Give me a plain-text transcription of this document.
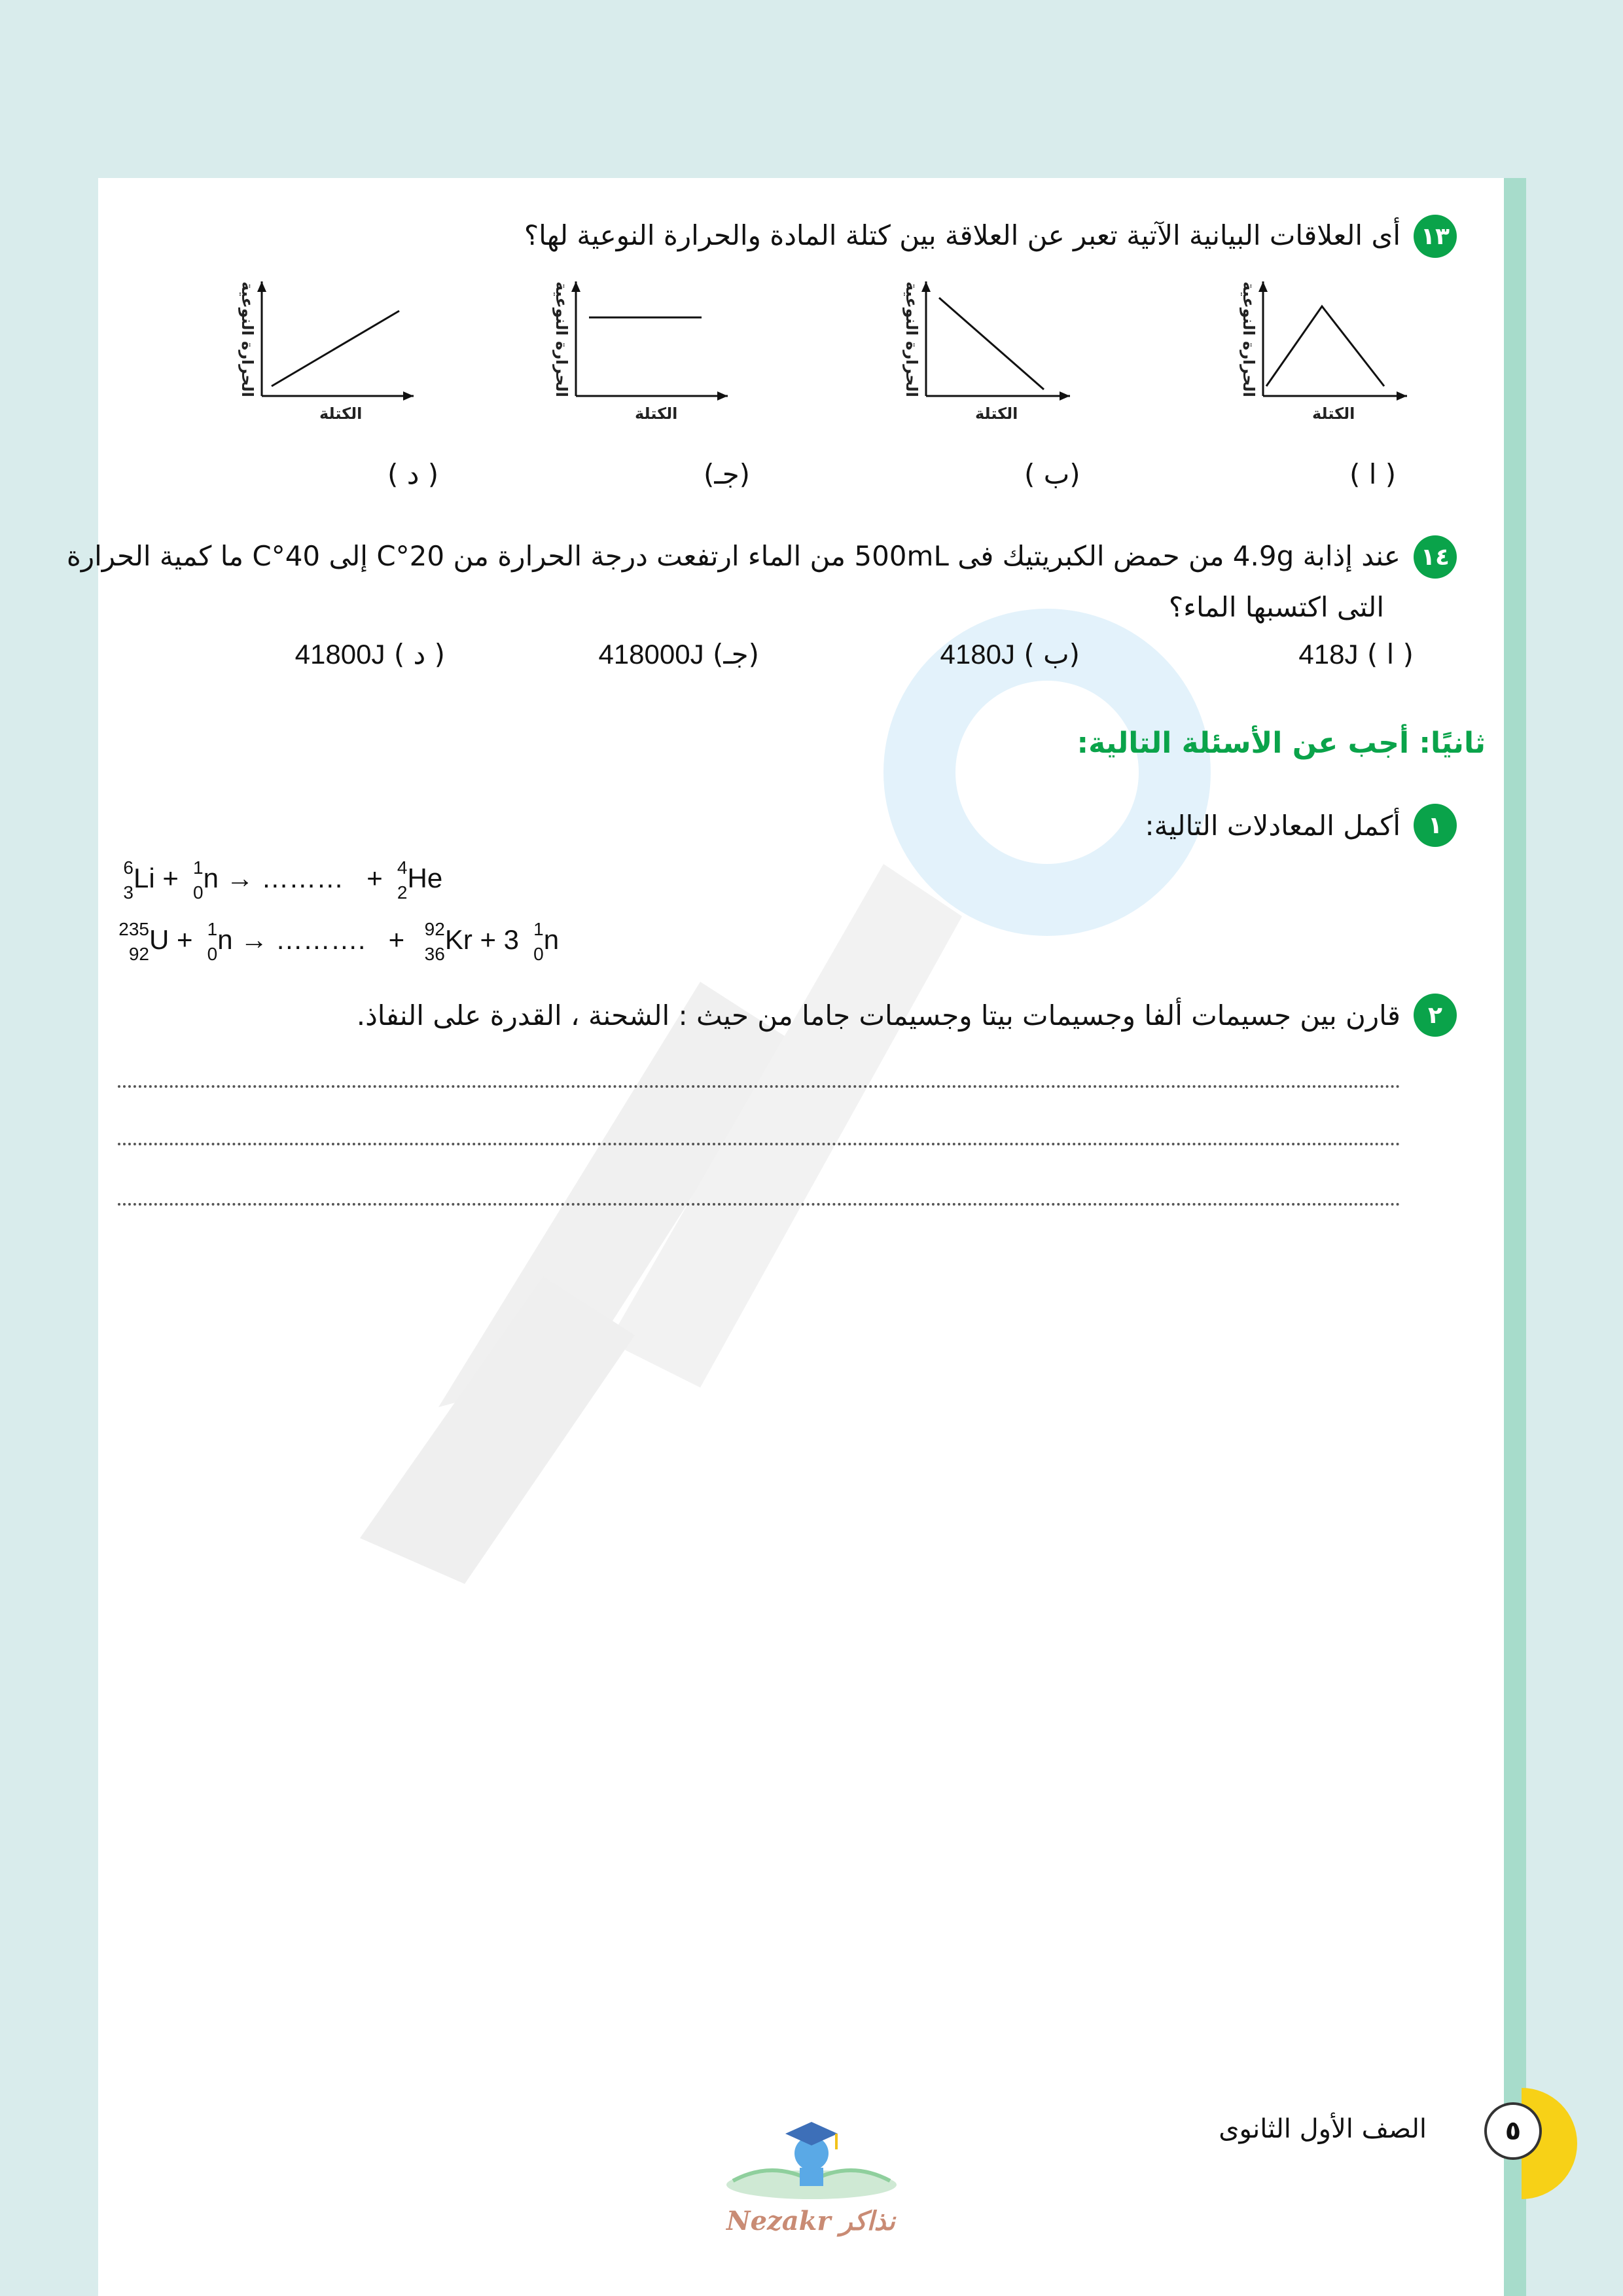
١٣
أى العلاقات البيانية الآتية تعبر عن العلاقة بين كتلة المادة والحرارة النوعية لها؟
الكتلة
الحرارة النوعية
( ا )
الكتلة
الحرارة النوعية
(ب )
الكتلة
الحرارة النوعية
(جـ)
الكتلة
الحرارة النوعية
( د )
١٤
عند إذابة 4.9g من حمض الكبريتيك فى 500mL من الماء ارتفعت درجة الحرارة من 20°C إلى 40°C ما كمية الحرارة
التى اكتسبها الماء؟
( ا ) 418J
(ب ) 4180J
(جـ) 418000J
( د ) 41800J
ثانيًا: أجب عن الأسئلة التالية:
١
أكمل المعادلات التالية:
6
3 Li + 1
0 n → ……… + 4
2 He
235
92 U + 1
0 n → ………. + 92
36 Kr + 3 1
0 n
٢
قارن بين جسيمات ألفا وجسيمات بيتا وجسيمات جاما من حيث : الشحنة ، القدرة على النفاذ.
Nezakr نذاكر
الصف الأول الثانوى	٥
